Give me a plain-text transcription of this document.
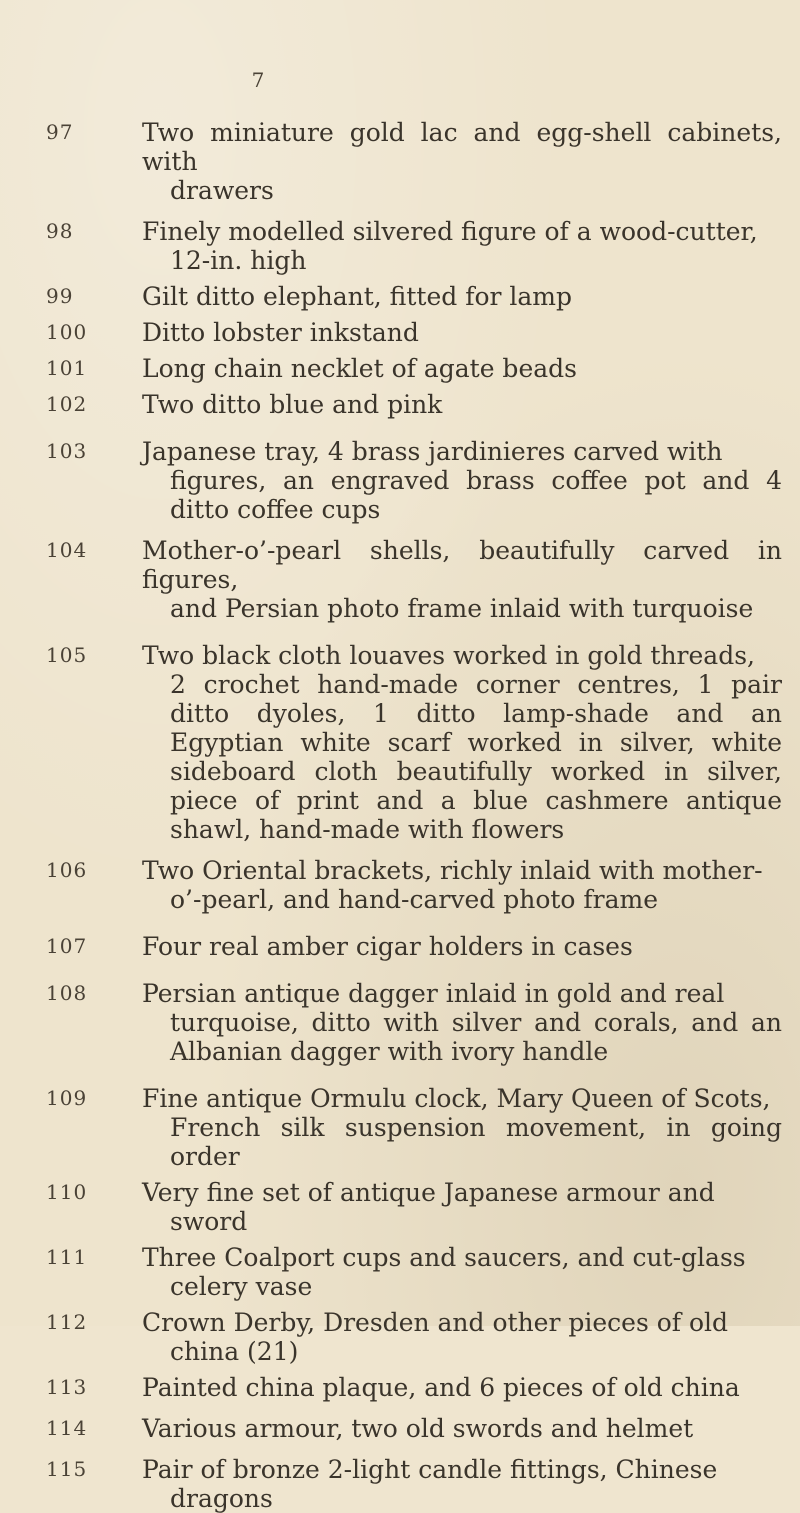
7
97	Two miniature gold lac and egg-shell cabinets, with
drawers
98	Finely modelled silvered figure of a wood-cutter,
12-in. high
99	Gilt ditto elephant, fitted for lamp
100	Ditto lobster inkstand
101	Long chain necklet of agate beads
102	Two ditto blue and pink
103	Japanese tray, 4 brass jardinieres carved with
figures, an engraved brass coffee pot and 4 ditto coffee cups
104	Mother-o’-pearl shells, beautifully carved in figures,
and Persian photo frame inlaid with turquoise
105	Two black cloth louaves worked in gold threads,
2 crochet hand-made corner centres, 1 pair ditto dyoles, 1 ditto lamp-shade and an Egyptian white scarf worked in silver, white sideboard cloth beautifully worked in silver, piece of print and a blue cashmere antique shawl, hand-made with flowers
106	Two Oriental brackets, richly inlaid with mother-
o’-pearl, and hand-carved photo frame
107	Four real amber cigar holders in cases
108	Persian antique dagger inlaid in gold and real
turquoise, ditto with silver and corals, and an Albanian dagger with ivory handle
109	Fine antique Ormulu clock, Mary Queen of Scots,
French silk suspension movement, in going order
110	Very fine set of antique Japanese armour and
sword
111	Three Coalport cups and saucers, and cut-glass
celery vase
112	Crown Derby, Dresden and other pieces of old
china (21)
113	Painted china plaque, and 6 pieces of old china
114	Various armour, two old swords and helmet
115	Pair of bronze 2-light candle fittings, Chinese
dragons
